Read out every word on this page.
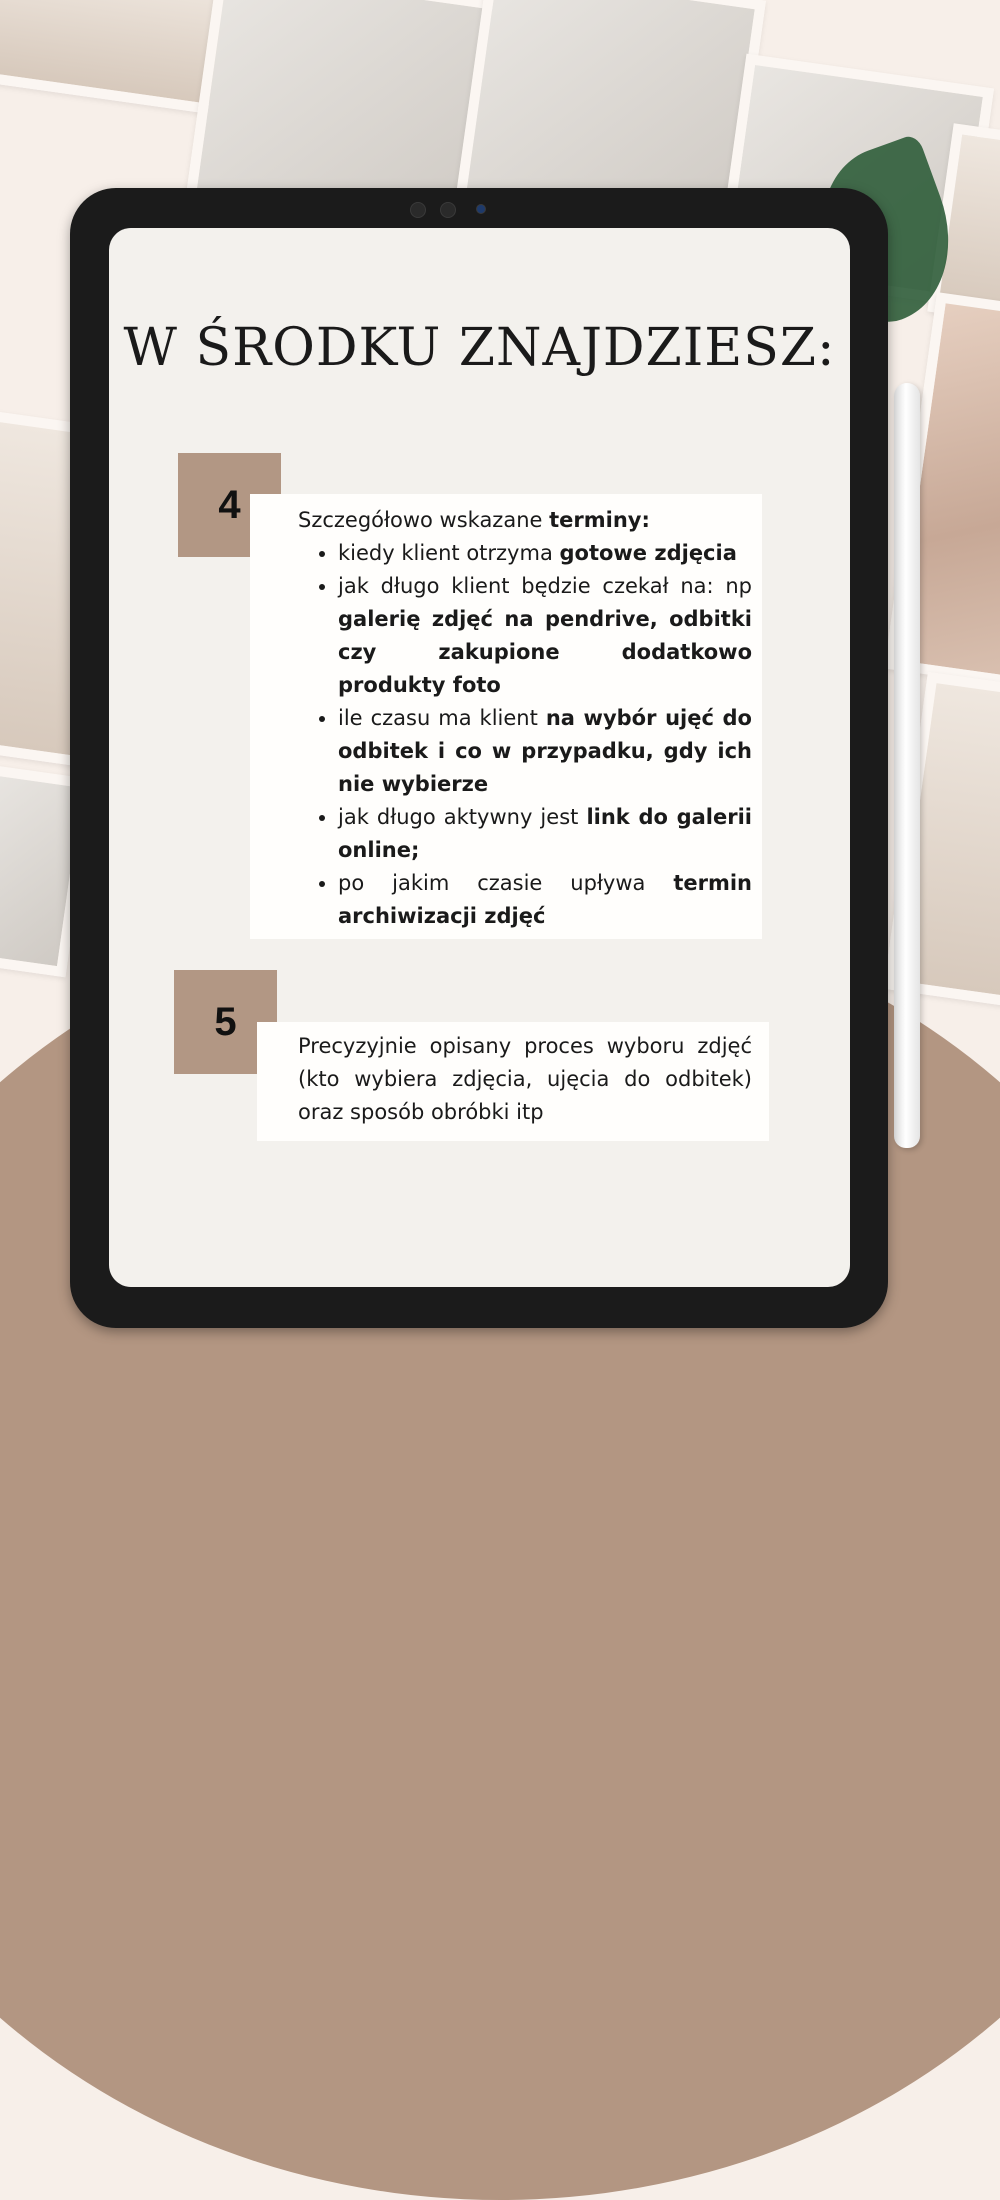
W ŚRODKU ZNAJDZIESZ:
4	Szczegółowo wskazane terminy:

• kiedy klient otrzyma gotowe zdjęcia
• jak długo klient będzie czekał na: np galerię zdjęć na pendrive, odbitki czy zakupione dodatkowo produkty foto
• ile czasu ma klient na wybór ujęć do odbitek i co w przypadku, gdy ich nie wybierze
• jak długo aktywny jest link do galerii online;
• po jakim czasie upływa termin archiwizacji zdjęć
5

Precyzyjnie opisany proces wyboru zdjęć (kto wybiera zdjęcia, ujęcia do odbitek) oraz sposób obróbki itp
